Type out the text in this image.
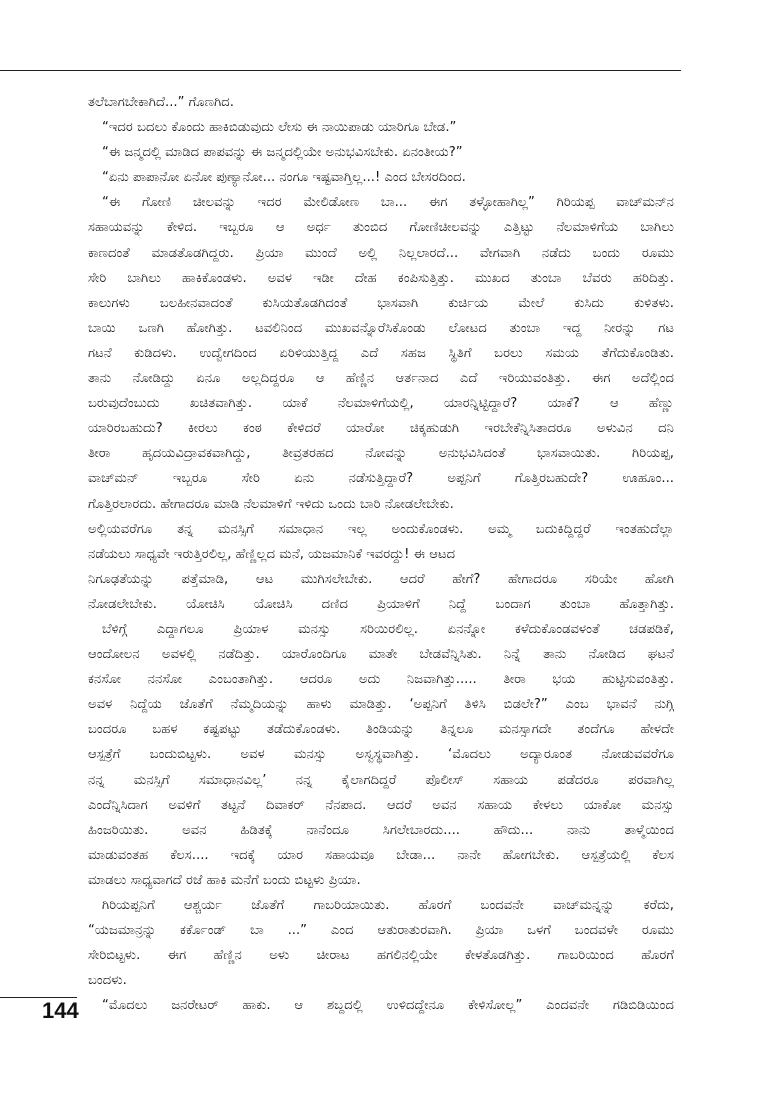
ತಲೆಬಾಗಬೇಕಾಗಿದೆ...” ಗೊಣಗಿದ.
“ಇದರ ಬದಲು ಕೊಂದು ಹಾಕಿಬಿಡುವುದು ಲೇಸು ಈ ನಾಯಿಪಾಡು ಯಾರಿಗೂ ಬೇಡ.”
“ಈ ಜನ್ಮದಲ್ಲಿ ಮಾಡಿದ ಪಾಪವನ್ನು ಈ ಜನ್ಮದಲ್ಲಿಯೇ ಅನುಭವಿಸಬೇಕು. ಏನಂತೀಯ?”
“ಏನು ಪಾಪಾನೋ ಏನೋ ಪುಣ್ಯಾನೋ... ನಂಗೂ ಇಷ್ಟವಾಗ್ತಿಲ್ಲ...! ಎಂದ ಬೇಸರದಿಂದ.
“ಈ ಗೋಣಿ ಚೀಲವನ್ನು ಇದರ ಮೇಲಿಡೋಣ ಬಾ... ಈಗ ತಳ್ಳೋಹಾಗಿಲ್ಲ” ಗಿರಿಯಪ್ಪ ವಾಚ್‌ಮನ್‌ನ
ಸಹಾಯವನ್ನು ಕೇಳಿದ. ಇಬ್ಬರೂ ಆ ಅರ್ಧ ತುಂಬಿದ ಗೋಣಿಚೀಲವನ್ನು ಎತ್ತಿಟ್ಟು ನೆಲಮಾಳಿಗೆಯ ಬಾಗಿಲು
ಕಾಣದಂತೆ ಮಾಡತೊಡಗಿದ್ದರು. ಪ್ರಿಯಾ ಮುಂದೆ ಅಲ್ಲಿ ನಿಲ್ಲಲಾರದೆ... ವೇಗವಾಗಿ ನಡೆದು ಬಂದು ರೂಮು
ಸೇರಿ ಬಾಗಿಲು ಹಾಕಿಕೊಂಡಳು. ಅವಳ ಇಡೀ ದೇಹ ಕಂಪಿಸುತ್ತಿತ್ತು. ಮುಖದ ತುಂಬಾ ಬೆವರು ಹರಿದಿತ್ತು.
ಕಾಲುಗಳು ಬಲಹೀನವಾದಂತೆ ಕುಸಿಯತೊಡಗಿದಂತೆ ಭಾಸವಾಗಿ ಕುರ್ಚಿಯ ಮೇಲೆ ಕುಸಿದು ಕುಳಿತಳು.
ಬಾಯಿ ಒಣಗಿ ಹೋಗಿತ್ತು. ಟವಲಿನಿಂದ ಮುಖವನ್ನೊರೆಸಿಕೊಂಡು ಲೋಟದ ತುಂಬಾ ಇದ್ದ ನೀರನ್ನು ಗಟ
ಗಟನೆ ಕುಡಿದಳು. ಉದ್ವೇಗದಿಂದ ಏರಿಳಿಯುತ್ತಿದ್ದ ಎದೆ ಸಹಜ ಸ್ಥಿತಿಗೆ ಬರಲು ಸಮಯ ತೆಗೆದುಕೊಂಡಿತು.
ತಾನು ನೋಡಿದ್ದು ಏನೂ ಅಲ್ಲದಿದ್ದರೂ ಆ ಹೆಣ್ಣಿನ ಆರ್ತನಾದ ಎದೆ ಇರಿಯುವಂತಿತ್ತು. ಈಗ ಅದೆಲ್ಲಿಂದ
ಬರುವುದೆಂಬುದು ಖಚಿತವಾಗಿತ್ತು. ಯಾಕೆ ನೆಲಮಾಳಿಗೆಯಲ್ಲಿ, ಯಾರನ್ನಿಟ್ಟಿದ್ದಾರೆ? ಯಾಕೆ? ಆ ಹೆಣ್ಣು
ಯಾರಿರಬಹುದು? ಕೀರಲು ಕಂಠ ಕೇಳಿದರೆ ಯಾರೋ ಚಿಕ್ಕಹುಡುಗಿ ಇರಬೇಕೆನ್ನಿಸಿತಾದರೂ ಅಳುವಿನ ದನಿ
ತೀರಾ ಹೃದಯವಿದ್ರಾವಕವಾಗಿದ್ದು, ತೀವ್ರತರಹದ ನೋವನ್ನು ಅನುಭವಿಸಿದಂತೆ ಭಾಸವಾಯಿತು. ಗಿರಿಯಪ್ಪ,
ವಾಚ್‌ಮನ್ ಇಬ್ಬರೂ ಸೇರಿ ಏನು ನಡೆಸುತ್ತಿದ್ದಾರೆ? ಅಪ್ಪನಿಗೆ ಗೊತ್ತಿರಬಹುದೇ? ಊಹೂಂ...
ಗೊತ್ತಿರಲಾರದು. ಹೇಗಾದರೂ ಮಾಡಿ ನೆಲಮಾಳಿಗೆ ಇಳಿದು ಒಂದು ಬಾರಿ ನೋಡಲೇಬೇಕು.
ಅಲ್ಲಿಯವರೆಗೂ ತನ್ನ ಮನಸ್ಸಿಗೆ ಸಮಾಧಾನ ಇಲ್ಲ ಅಂದುಕೊಂಡಳು. ಅಮ್ಮ ಬದುಕಿದ್ದಿದ್ದರೆ ಇಂತಹುದೆಲ್ಲಾ
ನಡೆಯಲು ಸಾಧ್ಯವೇ ಇರುತ್ತಿರಲಿಲ್ಲ, ಹೆಣ್ಣಿಲ್ಲದ ಮನೆ, ಯಜಮಾನಿಕೆ ಇವರದ್ದು! ಈ ಆಟದ
ನಿಗೂಢತೆಯನ್ನು ಪತ್ತೆಮಾಡಿ, ಆಟ ಮುಗಿಸಲೇಬೇಕು. ಆದರೆ ಹೇಗೆ? ಹೇಗಾದರೂ ಸರಿಯೇ ಹೋಗಿ
ನೋಡಲೇಬೇಕು. ಯೋಚಿಸಿ ಯೋಚಿಸಿ ದಣಿದ ಪ್ರಿಯಾಳಿಗೆ ನಿದ್ದೆ ಬಂದಾಗ ತುಂಬಾ ಹೊತ್ತಾಗಿತ್ತು.
ಬೆಳಿಗ್ಗೆ ಎದ್ದಾಗಲೂ ಪ್ರಿಯಾಳ ಮನಸ್ಸು ಸರಿಯಿರಲಿಲ್ಲ. ಏನನ್ನೋ ಕಳೆದುಕೊಂಡವಳಂತೆ ಚಡಪಡಿಕೆ,
ಆಂದೋಲನ ಅವಳಲ್ಲಿ ನಡೆದಿತ್ತು. ಯಾರೊಂದಿಗೂ ಮಾತೇ ಬೇಡವೆನ್ನಿಸಿತು. ನಿನ್ನೆ ತಾನು ನೋಡಿದ ಘಟನೆ
ಕನಸೋ ನನಸೋ ಎಂಬಂತಾಗಿತ್ತು. ಆದರೂ ಅದು ನಿಜವಾಗಿತ್ತು..... ತೀರಾ ಭಯ ಹುಟ್ಟಿಸುವಂತಿತ್ತು.
ಅವಳ ನಿದ್ದೆಯ ಜೊತೆಗೆ ನೆಮ್ಮದಿಯನ್ನು ಹಾಳು ಮಾಡಿತ್ತು. ‘ಅಪ್ಪನಿಗೆ ತಿಳಿಸಿ ಬಿಡಲೇ?” ಎಂಬ ಭಾವನೆ ನುಗ್ಗಿ
ಬಂದರೂ ಬಹಳ ಕಷ್ಟಪಟ್ಟು ತಡೆದುಕೊಂಡಳು. ತಿಂಡಿಯನ್ನು ತಿನ್ನಲೂ ಮನಸ್ಸಾಗದೇ ತಂದೆಗೂ ಹೇಳದೇ
ಆಸ್ಪತ್ರೆಗೆ ಬಂದುಬಿಟ್ಟಳು. ಅವಳ ಮನಸ್ಸು ಅಸ್ವಸ್ಥವಾಗಿತ್ತು. ‘ಮೊದಲು ಅದ್ಯಾರೂಂತ ನೋಡುವವರೆಗೂ
ನನ್ನ ಮನಸ್ಸಿಗೆ ಸಮಾಧಾನವಿಲ್ಲ’ ನನ್ನ ಕೈಲಾಗದಿದ್ದರೆ ಪೊಲೀಸ್ ಸಹಾಯ ಪಡೆದರೂ ಪರವಾಗಿಲ್ಲ
ಎಂದೆನ್ನಿಸಿದಾಗ ಅವಳಿಗೆ ತಟ್ಟನೆ ದಿವಾಕರ್ ನೆನಪಾದ. ಆದರೆ ಅವನ ಸಹಾಯ ಕೇಳಲು ಯಾಕೋ ಮನಸ್ಸು
ಹಿಂಜರಿಯಿತು. ಅವನ ಹಿಡಿತಕ್ಕೆ ನಾನೆಂದೂ ಸಿಗಲೇಬಾರದು.... ಹೌದು... ನಾನು ತಾಳ್ಮೆಯಿಂದ
ಮಾಡುವಂತಹ ಕೆಲಸ.... ಇದಕ್ಕೆ ಯಾರ ಸಹಾಯವೂ ಬೇಡಾ... ನಾನೇ ಹೋಗಬೇಕು. ಆಸ್ಪತ್ರೆಯಲ್ಲಿ ಕೆಲಸ
ಮಾಡಲು ಸಾಧ್ಯವಾಗದೆ ರಜೆ ಹಾಕಿ ಮನೆಗೆ ಬಂದು ಬಿಟ್ಟಳು ಪ್ರಿಯಾ.
ಗಿರಿಯಪ್ಪನಿಗೆ ಆಶ್ಚರ್ಯ ಜೊತೆಗೆ ಗಾಬರಿಯಾಯಿತು. ಹೊರಗೆ ಬಂದವನೇ ವಾಚ್‌ಮನ್ನನ್ನು ಕರೆದು,
“ಯಜಮಾನ್ರನ್ನು ಕರ್ಕೊಂಡ್ ಬಾ ...” ಎಂದ ಆತುರಾತುರವಾಗಿ. ಪ್ರಿಯಾ ಒಳಗೆ ಬಂದವಳೇ ರೂಮು
ಸೇರಿಬಿಟ್ಟಳು. ಈಗ ಹೆಣ್ಣಿನ ಅಳು ಚೀರಾಟ ಹಗಲಿನಲ್ಲಿಯೇ ಕೇಳತೊಡಗಿತ್ತು. ಗಾಬರಿಯಿಂದ ಹೊರಗೆ
ಬಂದಳು.
“ಮೊದಲು ಜನರೇಟರ್ ಹಾಕು. ಆ ಶಬ್ದದಲ್ಲಿ ಉಳಿದದ್ದೇನೂ ಕೇಳಿಸೋಲ್ಲ” ಎಂದವನೇ ಗಡಿಬಿಡಿಯಿಂದ
144
